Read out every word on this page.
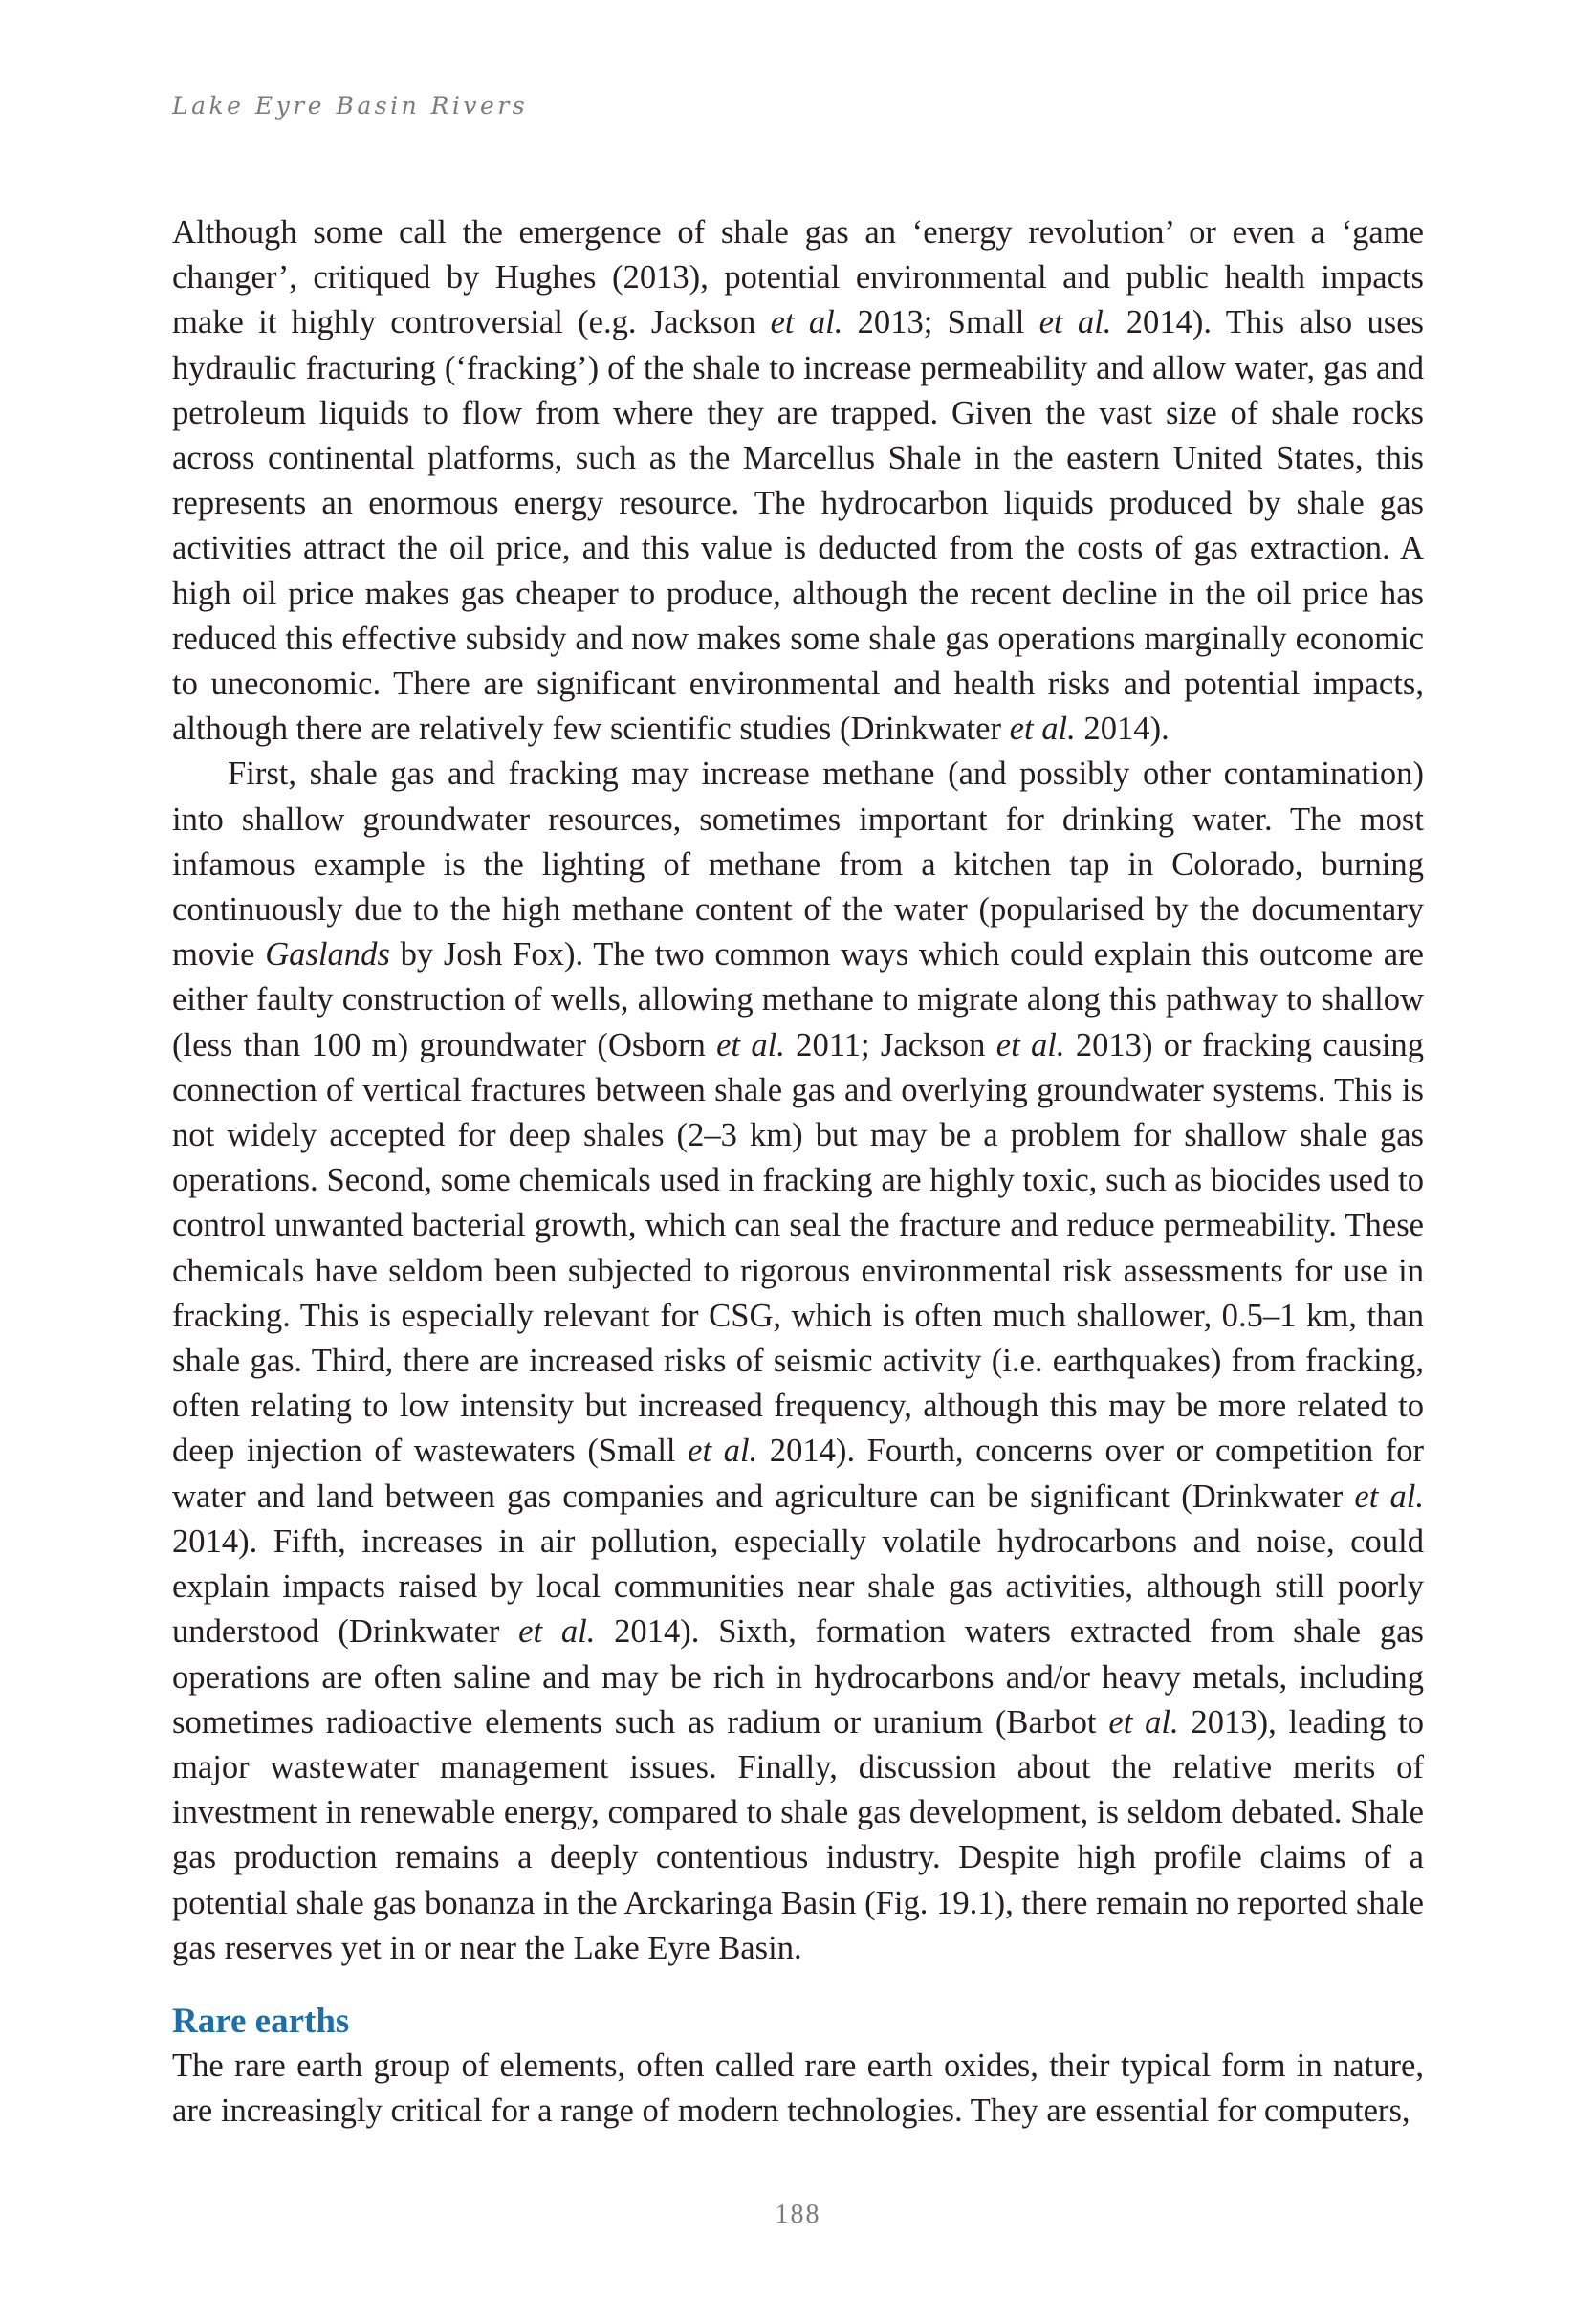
Lake Eyre Basin Rivers

Although some call the emergence of shale gas an ‘energy revolution’ or even a ‘game changer’, critiqued by Hughes (2013), potential environmental and public health impacts make it highly controversial (e.g. Jackson et al. 2013; Small et al. 2014). This also uses hydraulic fracturing (‘fracking’) of the shale to increase permeability and allow water, gas and petroleum liquids to flow from where they are trapped. Given the vast size of shale rocks across continental platforms, such as the Marcellus Shale in the eastern United States, this represents an enormous energy resource. The hydrocarbon liquids produced by shale gas activities attract the oil price, and this value is deducted from the costs of gas extraction. A high oil price makes gas cheaper to produce, although the recent decline in the oil price has reduced this effective subsidy and now makes some shale gas operations marginally economic to uneconomic. There are significant environmental and health risks and potential impacts, although there are relatively few scientific studies (Drinkwater et al. 2014).

First, shale gas and fracking may increase methane (and possibly other contamination) into shallow groundwater resources, sometimes important for drinking water. The most infamous example is the lighting of methane from a kitchen tap in Colorado, burning continuously due to the high methane content of the water (popularised by the documentary movie Gaslands by Josh Fox). The two common ways which could explain this outcome are either faulty construction of wells, allowing methane to migrate along this pathway to shallow (less than 100 m) groundwater (Osborn et al. 2011; Jackson et al. 2013) or fracking causing connection of vertical fractures between shale gas and overlying groundwater systems. This is not widely accepted for deep shales (2–3 km) but may be a problem for shallow shale gas operations. Second, some chemicals used in fracking are highly toxic, such as biocides used to control unwanted bacterial growth, which can seal the fracture and reduce permeability. These chemicals have seldom been subjected to rigorous environmental risk assessments for use in fracking. This is especially relevant for CSG, which is often much shallower, 0.5–1 km, than shale gas. Third, there are increased risks of seismic activity (i.e. earthquakes) from fracking, often relating to low intensity but increased frequency, although this may be more related to deep injection of wastewaters (Small et al. 2014). Fourth, concerns over or competition for water and land between gas companies and agriculture can be significant (Drinkwater et al. 2014). Fifth, increases in air pollution, especially volatile hydrocarbons and noise, could explain impacts raised by local communities near shale gas activities, although still poorly understood (Drinkwater et al. 2014). Sixth, formation waters extracted from shale gas operations are often saline and may be rich in hydrocarbons and/or heavy metals, including sometimes radioactive elements such as radium or uranium (Barbot et al. 2013), leading to major wastewater management issues. Finally, discussion about the relative merits of investment in renewable energy, compared to shale gas development, is seldom debated. Shale gas production remains a deeply contentious industry. Despite high profile claims of a potential shale gas bonanza in the Arckaringa Basin (Fig. 19.1), there remain no reported shale gas reserves yet in or near the Lake Eyre Basin.

Rare earths

The rare earth group of elements, often called rare earth oxides, their typical form in nature, are increasingly critical for a range of modern technologies. They are essential for computers,

188
